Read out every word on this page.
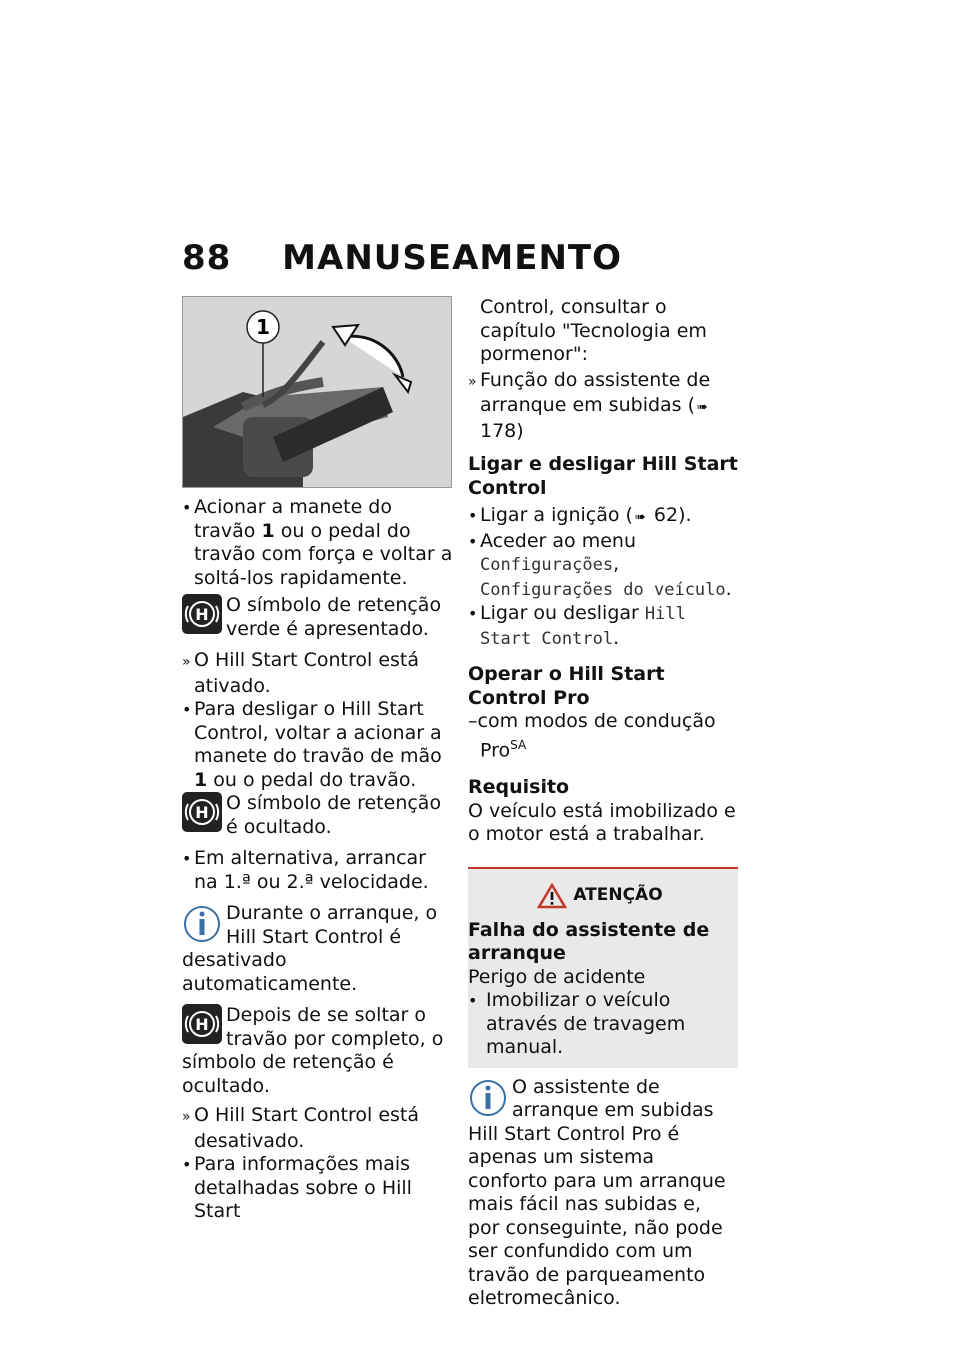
88 MANUSEAMENTO
1

• Acionar a manete do travão 1 ou o pedal do travão com força e voltar a soltá-los rapidamente.

H O símbolo de retenção verde é apresentado.

» O Hill Start Control está ativado.

• Para desligar o Hill Start Control, voltar a acionar a manete do travão de mão 1 ou o pedal do travão.

H O símbolo de retenção é ocultado.

• Em alternativa, arrancar na 1.ª ou 2.ª velocidade.

Durante o arranque, o Hill Start Control é desativado automaticamente.
H Depois de se soltar o travão por completo, o símbolo de retenção é ocultado.

» O Hill Start Control está desativado.

• Para informações mais detalhadas sobre o Hill Start

Control, consultar o capítulo "Tecnologia em pormenor":

» Função do assistente de arranque em subidas ( ➠ 178)

Ligar e desligar Hill Start Control

• Ligar a ignição ( ➠ 62).

• Aceder ao menu Configurações, Configurações do veículo.

• Ligar ou desligar Hill Start Control.

Operar o Hill Start Control Pro
–com modos de condução Pro$^{SA}$
Requisito
O veículo está imobilizado e o motor está a trabalhar.
ATENÇÃO
Falha do assistente de arranque
Perigo de acidente
• Imobilizar o veículo através de travagem manual.
O assistente de arranque em subidas Hill Start Control Pro é apenas um sistema conforto para um arranque mais fácil nas subidas e, por conseguinte, não pode ser confundido com um travão de parqueamento eletromecânico.
